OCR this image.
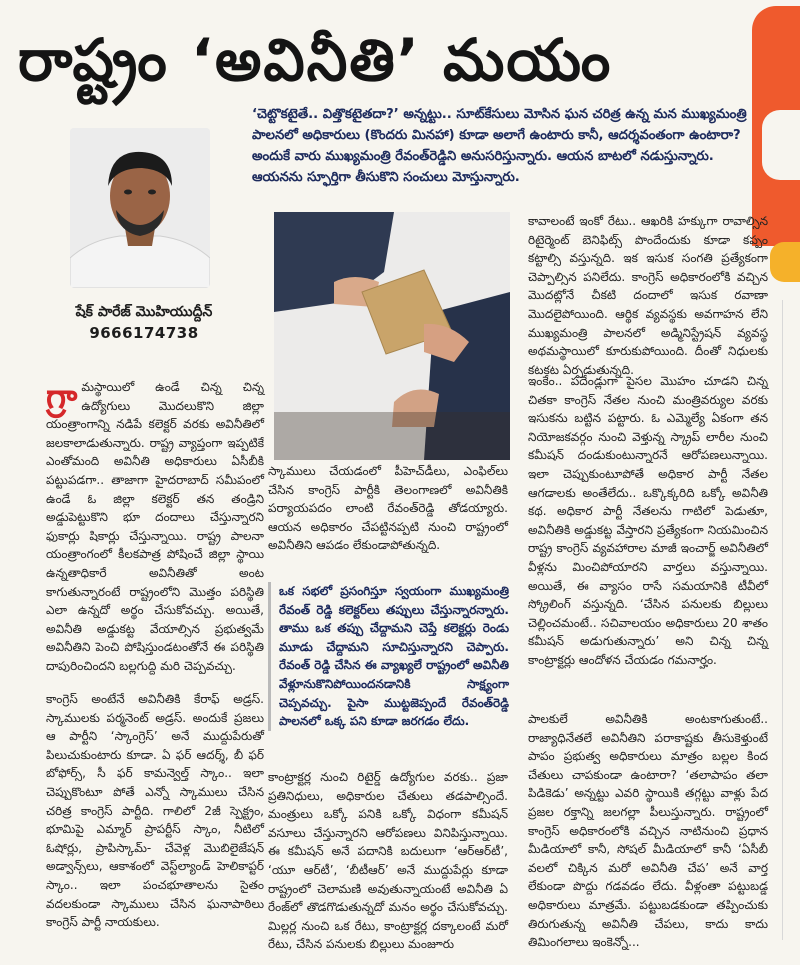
రాష్ట్రం ‘అవినీతి’ మయం

‘చెట్టొకటైతే.. విత్తొకటైతదా?’ అన్నట్టు.. సూట్‌కేసులు మోసిన ఘన చరిత్ర ఉన్న మన ముఖ్యమంత్రి పాలనలో అధికారులు (కొందరు మినహా) కూడా అలాగే ఉంటారు కానీ, ఆదర్శవంతంగా ఉంటారా? అందుకే వారు ముఖ్యమంత్రి రేవంత్‌రెడ్డిని అనుసరిస్తున్నారు. ఆయన బాటలో నడుస్తున్నారు. ఆయనను స్ఫూర్తిగా తీసుకొని సంచులు మోస్తున్నారు.

షేక్ పారేజ్ మొహియుద్దీన్
9666174738

గ్రా మస్థాయిలో ఉండే చిన్న చిన్న ఉద్యోగులు మొదలుకొని జిల్లా యంత్రాంగాన్ని నడిపే కలెక్టర్ వరకు అవినీతిలో జలకాలాడుతున్నారు. రాష్ట్ర వ్యాప్తంగా ఇప్పటికే ఎంతోమంది అవినీతి అధికారులు ఏసీబీకి పట్టుపడగా.. తాజాగా హైదరాబాద్ సమీపంలో ఉండే ఓ జిల్లా కలెక్టర్ తన తండ్రిని అడ్డుపెట్టుకొని భూ దందాలు చేస్తున్నారని ఫుకార్లు షికార్లు చేస్తున్నాయి. రాష్ట్ర పాలనా యంత్రాంగంలో కీలకపాత్ర పోషించే జిల్లా స్థాయి ఉన్నతాధికారే అవినీతితో అంట కాగుతున్నారంటే రాష్ట్రంలోని మొత్తం పరిస్థితి ఎలా ఉన్నదో అర్థం చేసుకోవచ్చు. అయితే, అవినీతి అడ్డుకట్ట వేయాల్సిన ప్రభుత్వమే అవినీతిని పెంచి పోషిస్తుండటంతోనే ఈ పరిస్థితి దాపురించిందని బల్లగుద్ది మరి చెప్పవచ్చు.

కాంగ్రెస్ అంటేనే అవినీతికి కేరాఫ్ అడ్రస్. స్కాములకు పర్మనెంట్ అడ్రస్. అందుకే ప్రజలు ఆ పార్టీని ‘స్కాంగ్రెస్’ అనే ముద్దుపేరుతో పిలుచుకుంటారు కూడా. ఏ ఫర్ ఆదర్శ్, బీ ఫర్ బోఫోర్స్, సీ ఫర్ కామన్వెల్త్ స్కాం.. ఇలా చెప్పుకొంటూ పోతే ఎన్నో స్కాములు చేసిన చరిత్ర కాంగ్రెస్ పార్టీది. గాలిలో 2జీ స్పెక్ట్రం, భూమిపై ఎమ్మార్ ప్రాపర్టీస్ స్కాం, నీటిలో ఓషోర్లు, ప్రాపిస్కామ్- చేవెళ్ల మొబిలైజేషన్ అడ్వాన్స్‌లు, ఆకాశంలో వెస్ట్‌ల్యాండ్ హెలికాప్టర్ స్కాం.. ఇలా పంచభూతాలను సైతం వదలకుండా స్కాములు చేసిన ఘనాపాఠిలు కాంగ్రెస్ పార్టీ నాయకులు.

స్కాములు చేయడంలో పీహెచ్‌డీలు, ఎంఫిల్‌లు చేసిన కాంగ్రెస్ పార్టీకి తెలంగాణలో అవినీతికి పర్యాయపదం లాంటి రేవంత్‌రెడ్డి తోడయ్యారు. ఆయన అధికారం చేపట్టినప్పటి నుంచి రాష్ట్రంలో అవినీతిని ఆపడం లేకుండాపోతున్నది.

ఒక సభలో ప్రసంగిస్తూ స్వయంగా ముఖ్యమంత్రి రేవంత్ రెడ్డి కలెక్టర్‌లు తప్పులు చేస్తున్నారన్నారు. తాము ఒక తప్పు చేద్దామని చెప్తే కలెక్టర్లు రెండు మూడు చేద్దామని సూచిస్తున్నారని చెప్పారు. రేవంత్ రెడ్డి చేసిన ఈ వ్యాఖ్యలే రాష్ట్రంలో అవినీతి వేళ్లూనుకొనిపోయిందనడానికి సాక్ష్యంగా చెప్పవచ్చు. పైసా ముట్టజెప్పందే రేవంత్‌రెడ్డి పాలనలో ఒక్క పని కూడా జరగడం లేదు.

కాంట్రాక్టర్ల నుంచి రిటైర్డ్ ఉద్యోగుల వరకు.. ప్రజా ప్రతినిధులు, అధికారుల చేతులు తడపాల్సిందే. మంత్రులు ఒక్కో పనికి ఒక్కో విధంగా కమీషన్ వసూలు చేస్తున్నారని ఆరోపణలు వినిపిస్తున్నాయి. ఈ కమీషన్ అనే పదానికి బదులుగా ‘ఆర్‌ఆర్‌టీ’, ‘యూ ఆర్‌టీ’, ‘బీటీఆర్’ అనే ముద్దుపేర్లు కూడా రాష్ట్రంలో చెలామణి అవుతున్నాయంటే అవినీతి ఏ రేంజ్‌లో తొడగొడుతున్నదో మనం అర్థం చేసుకోవచ్చు. మిల్లర్ల నుంచి ఒక రేటు, కాంట్రాక్టర్ల దక్కాలంటే మరో రేటు, చేసిన పనులకు బిల్లులు మంజూరు

కావాలంటే ఇంకో రేటు.. ఆఖరికి హక్కుగా రావాల్సిన రిటైర్మెంట్ బెనిఫిట్స్ పొందేందుకు కూడా కప్పం కట్టాల్సి వస్తున్నది. ఇక ఇసుక సంగతి ప్రత్యేకంగా చెప్పాల్సిన పనిలేదు. కాంగ్రెస్ అధికారంలోకి వచ్చిన మొదట్లోనే చీకటి దందాలో ఇసుక రవాణా మొదలైపోయింది. ఆర్థిక వ్యవస్థకు అవగాహన లేని ముఖ్యమంత్రి పాలనలో అడ్మినిస్ట్రేషన్ వ్యవస్థ అథమస్థాయిలో కూరుకుపోయింది. దీంతో నిధులకు కటకట ఏర్పడుతున్నది.

ఇంకేం.. పదేండ్లుగా పైసల మొహం చూడని చిన్న చితకా కాంగ్రెస్ నేతల నుంచి మంత్రివర్యుల వరకు ఇసుకను బట్టిన పట్టారు. ఓ ఎమ్మెల్యే ఏకంగా తన నియోజకవర్గం నుంచి వెళ్తున్న స్క్రాప్ లారీల నుంచి కమీషన్ దండుకుంటున్నారనే ఆరోపణలున్నాయి. ఇలా చెప్పుకుంటూపోతే అధికార పార్టీ నేతల ఆగడాలకు అంతేలేదు.. ఒక్కొక్కరిది ఒక్కో అవినీతి కథ. అధికార పార్టీ నేతలను గాటిలో పెడుతూ, అవినీతికి అడ్డుకట్ట వేస్తారని ప్రత్యేకంగా నియమించిన రాష్ట్ర కాంగ్రెస్ వ్యవహారాల మాజీ ఇంచార్జ్ అవినీతిలో వీళ్లను మించిపోయారని వార్తలు వస్తున్నాయి. అయితే, ఈ వ్యాసం రాసే సమయానికి టీవీలో స్క్రోలింగ్ వస్తున్నది. ‘చేసిన పనులకు బిల్లులు చెల్లించమంటే.. సచివాలయం అధికారులు 20 శాతం కమీషన్ అడుగుతున్నారు’ అని చిన్న చిన్న కాంట్రాక్టర్లు ఆందోళన చేయడం గమనార్హం.

పాలకులే అవినీతికి అంటకాగుతుంటే.. రాజ్యాధినేతలే అవినీతిని పరాకాష్టకు తీసుకెళ్తుంటే పాపం ప్రభుత్వ అధికారులు మాత్రం బల్లల కింద చేతులు చాపకుండా ఉంటారా? ‘తలాపాపం తలా పిడికెడు’ అన్నట్టు ఎవరి స్థాయికి తగ్గట్టు వాళ్లు పేద ప్రజల రక్తాన్ని జలగల్లా పీలుస్తున్నారు. రాష్ట్రంలో కాంగ్రెస్ అధికారంలోకి వచ్చిన నాటినుంచి ప్రధాన మీడియాలో కానీ, సోషల్ మీడియాలో కానీ ‘ఏసీబీ వలలో చిక్కిన మరో అవినీతి చేప’ అనే వార్త లేకుండా పొద్దు గడవడం లేదు. వీళ్లంతా పట్టుబడ్డ అధికారులు మాత్రమే. పట్టుబడకుండా తప్పించుకు తిరుగుతున్న అవినీతి చేపలు, కాదు కాదు తిమింగలాలు ఇంకెన్నో...
